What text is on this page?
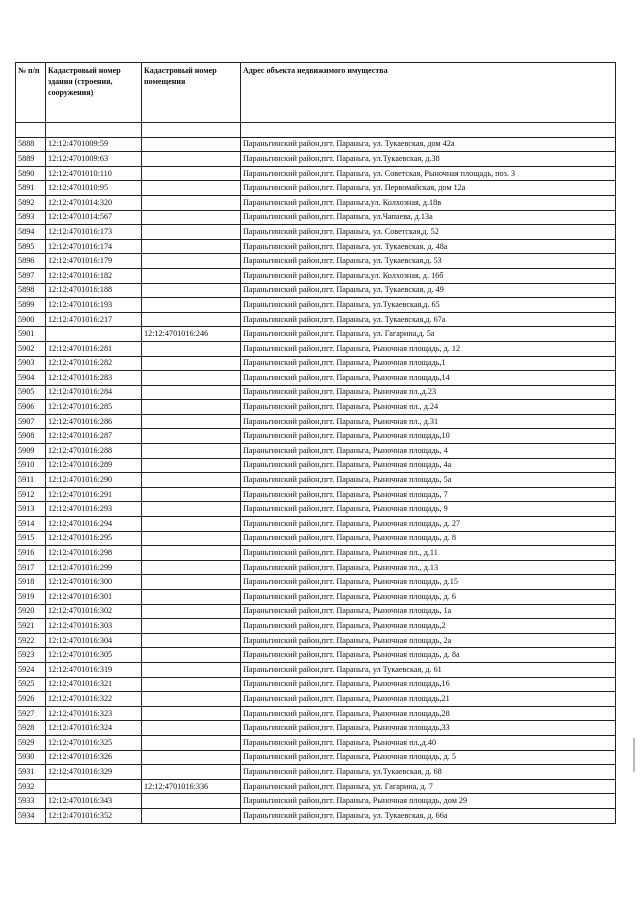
№ п/п	Кадастровый номер здания (строения, сооружения)	Кадастровый номер помещения	Адрес объекта недвижимого имущества

5888	12:12:4701009:59		Параньгинский район,пгт. Параньга, ул. Тукаевская, дом 42а
5889	12:12:4701009:63		Параньгинский район,пгт. Параньга, ул.Тукаевская, д.38
5890	12:12:4701010:110		Параньгинский район,пгт. Параньга, ул. Советская, Рыночная площадь, поз. 3
5891	12:12:4701010:95		Параньгинский район,пгт. Параньга, ул. Первомайская, дом 12а
5892	12:12:4701014:320		Параньгинский район,пгт. Параньга,ул. Колхозная, д.18в
5893	12:12:4701014:567		Параньгинский район,пгт. Параньга, ул.Чапаева, д.13а
5894	12:12:4701016:173		Параньгинский район,пгт. Параньга, ул. Советская,д. 52
5895	12:12:4701016:174		Параньгинский район,пгт. Параньга, ул. Тукаевская, д. 48а
5896	12:12:4701016:179		Параньгинский район,пгт. Параньга, ул. Тукаевская,д. 53
5897	12:12:4701016:182		Параньгинский район,пгт. Параньга,ул. Колхозная, д. 16б
5898	12:12:4701016:188		Параньгинский район,пгт. Параньга, ул. Тукаевская, д. 49
5899	12:12:4701016:193		Параньгинский район,пгт. Параньга, ул.Тукаевская,д. 65
5900	12:12:4701016:217		Параньгинский район,пгт. Параньга, ул. Тукаевская,д. 67а
5901		12:12:4701016:246	Параньгинский район,пгт. Параньга, ул. Гагарина,д. 5а
5902	12:12:4701016:281		Параньгинский район,пгт. Параньга, Рыночная площадь, д. 12
5903	12:12:4701016:282		Параньгинский район,пгт. Параньга, Рыночная площадь,1
5904	12:12:4701016:283		Параньгинский район,пгт. Параньга, Рыночная площадь,14
5905	12:12:4701016:284		Параньгинский район,пгт. Параньга, Рыночная пл.,д.23
5906	12:12:4701016:285		Параньгинский район,пгт. Параньга, Рыночная пл., д.24
5907	12:12:4701016:286		Параньгинский район,пгт. Параньга, Рыночная пл., д.31
5908	12:12:4701016:287		Параньгинский район,пгт. Параньга, Рыночная площадь,10
5909	12:12:4701016:288		Параньгинский район,пгт. Параньга, Рыночная площадь, 4
5910	12:12:4701016:289		Параньгинский район,пгт. Параньга, Рыночная площадь, 4а
5911	12:12:4701016:290		Параньгинский район,пгт. Параньга, Рыночная площадь, 5а
5912	12:12:4701016:291		Параньгинский район,пгт. Параньга, Рыночная площадь, 7
5913	12:12:4701016:293		Параньгинский район,пгт. Параньга, Рыночная площадь, 9
5914	12:12:4701016:294		Параньгинский район,пгт. Параньга, Рыночная площадь, д. 27
5915	12:12:4701016:295		Параньгинский район,пгт. Параньга, Рыночная площадь, д. 8
5916	12:12:4701016:298		Параньгинский район,пгт. Параньга, Рыночная пл., д.11
5917	12:12:4701016:299		Параньгинский район,пгт. Параньга, Рыночная пл., д.13
5918	12:12:4701016:300		Параньгинский район,пгт. Параньга, Рыночная площадь, д.15
5919	12:12:4701016:301		Параньгинский район,пгт. Параньга, Рыночная площадь, д. 6
5920	12:12:4701016:302		Параньгинский район,пгт. Параньга, Рыночная площадь, 1а
5921	12:12:4701016:303		Параньгинский район,пгт. Параньга, Рыночная площадь,2
5922	12:12:4701016:304		Параньгинский район,пгт. Параньга, Рыночная площадь, 2а
5923	12:12:4701016:305		Параньгинский район,пгт. Параньга, Рыночная площадь, д. 8а
5924	12:12:4701016:319		Параньгинский район,пгт. Параньга, ул Тукаевская, д. 61
5925	12:12:4701016:321		Параньгинский район,пгт. Параньга, Рыночная площадь,16
5926	12:12:4701016:322		Параньгинский район,пгт. Параньга, Рыночная площадь,21
5927	12:12:4701016:323		Параньгинский район,пгт. Параньга, Рыночная площадь,28
5928	12:12:4701016:324		Параньгинский район,пгт. Параньга, Рыночная площадь,33
5929	12:12:4701016:325		Параньгинский район,пгт. Параньга, Рыночная пл.,д.40
5930	12:12:4701016:326		Параньгинский район,пгт. Параньга, Рыночная площадь, д. 5
5931	12:12:4701016:329		Параньгинский район,пгт. Параньга, ул.Тукаевская, д. 68
5932		12:12:4701016:336	Параньгинский район,пгт. Параньга, ул. Гагарина, д. 7
5933	12:12:4701016:343		Параньгинский район,пгт. Параньга, Рыночная площадь, дом 29
5934	12:12:4701016:352		Параньгинский район,пгт. Параньга, ул. Тукаевская, д. 66а
